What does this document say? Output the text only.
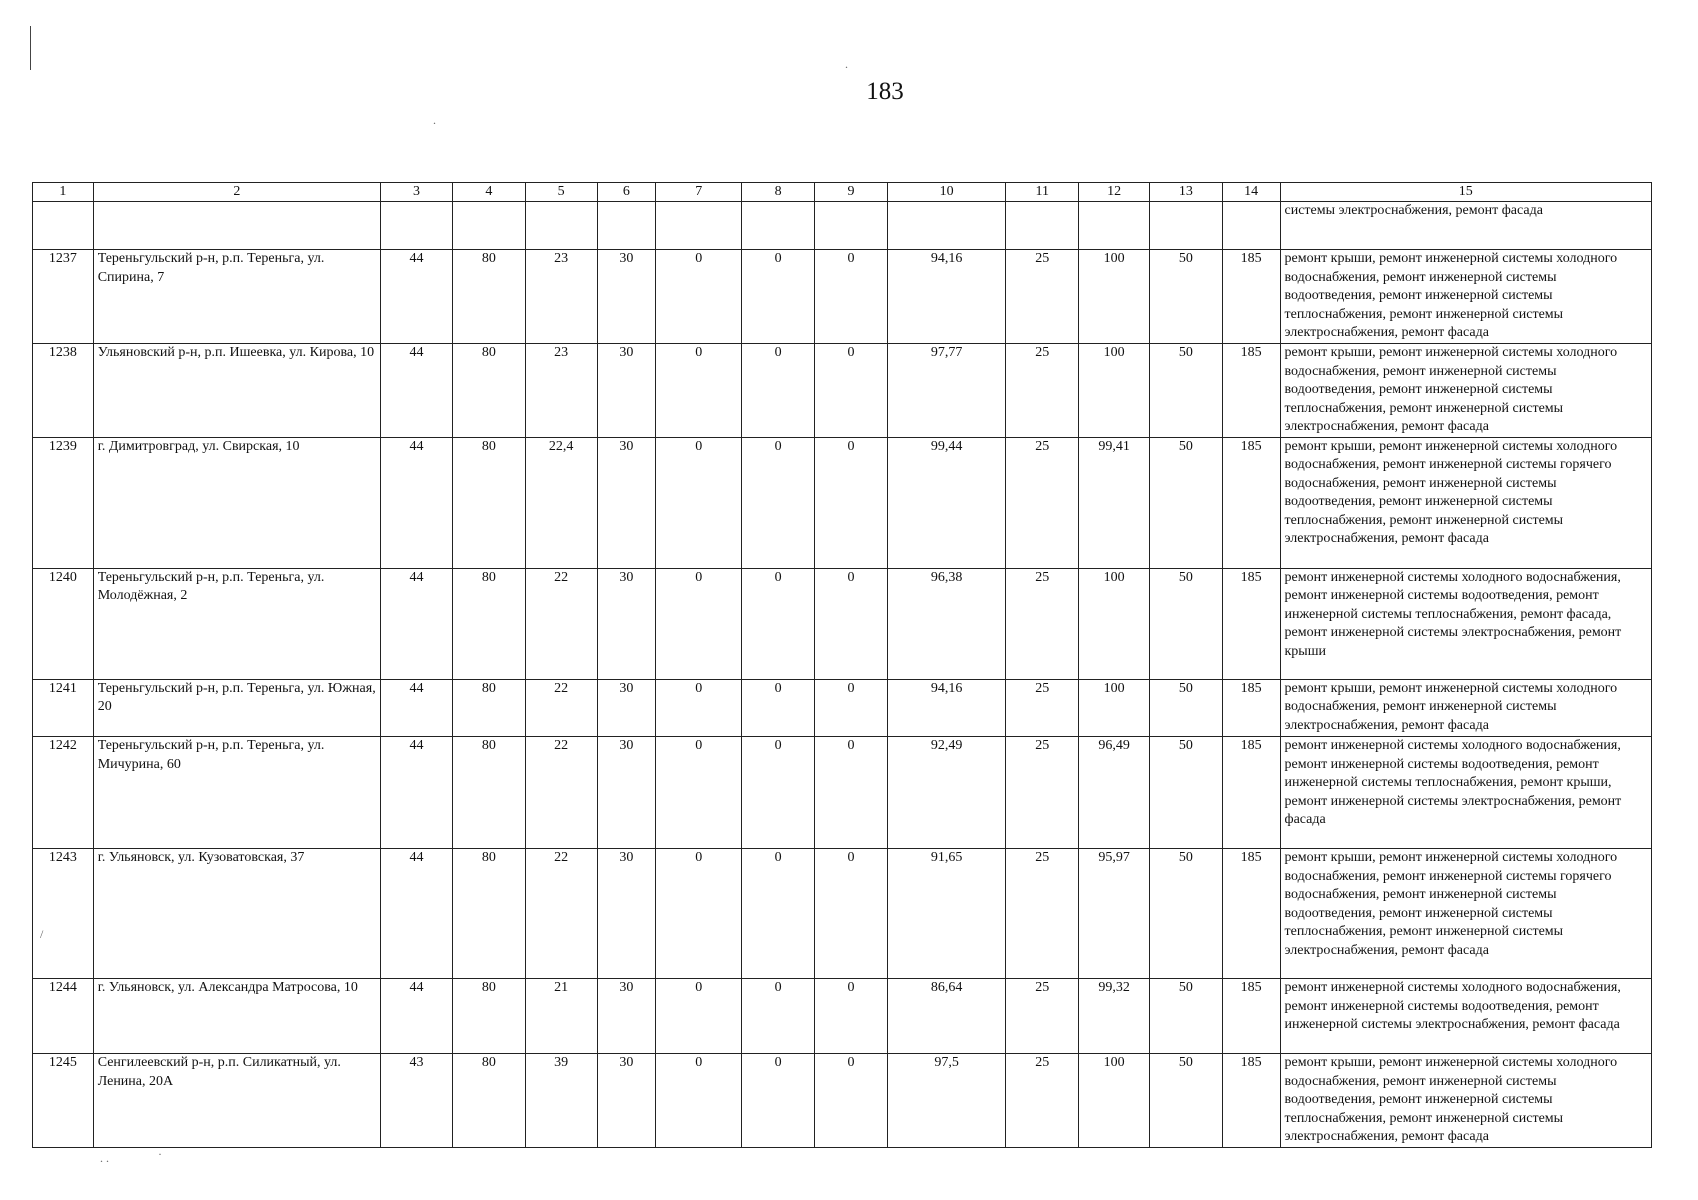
.
.
/
. .	·
183
1	2	3	4	5	6	7	8	9	10	11	12	13	14	15
														системы электроснабжения, ремонт фасада
1237	Тереньгульский р-н, р.п. Тереньга, ул. Спирина, 7	44	80	23	30	0	0	0	94,16	25	100	50	185	ремонт крыши, ремонт инженерной системы холодного водоснабжения, ремонт инженерной системы водоотведения, ремонт инженерной системы теплоснабжения, ремонт инженерной системы электроснабжения, ремонт фасада
1238	Ульяновский р-н, р.п. Ишеевка, ул. Кирова, 10	44	80	23	30	0	0	0	97,77	25	100	50	185	ремонт крыши, ремонт инженерной системы холодного водоснабжения, ремонт инженерной системы водоотведения, ремонт инженерной системы теплоснабжения, ремонт инженерной системы электроснабжения, ремонт фасада
1239	г. Димитровград, ул. Свирская, 10	44	80	22,4	30	0	0	0	99,44	25	99,41	50	185	ремонт крыши, ремонт инженерной системы холодного водоснабжения, ремонт инженерной системы горячего водоснабжения, ремонт инженерной системы водоотведения, ремонт инженерной системы теплоснабжения, ремонт инженерной системы электроснабжения, ремонт фасада
1240	Тереньгульский р-н, р.п. Тереньга, ул. Молодёжная, 2	44	80	22	30	0	0	0	96,38	25	100	50	185	ремонт инженерной системы холодного водоснабжения, ремонт инженерной системы водоотведения, ремонт инженерной системы теплоснабжения, ремонт фасада, ремонт инженерной системы электроснабжения, ремонт крыши
1241	Тереньгульский р-н, р.п. Тереньга, ул. Южная, 20	44	80	22	30	0	0	0	94,16	25	100	50	185	ремонт крыши, ремонт инженерной системы холодного водоснабжения, ремонт инженерной системы электроснабжения, ремонт фасада
1242	Тереньгульский р-н, р.п. Тереньга, ул. Мичурина, 60	44	80	22	30	0	0	0	92,49	25	96,49	50	185	ремонт инженерной системы холодного водоснабжения, ремонт инженерной системы водоотведения, ремонт инженерной системы теплоснабжения, ремонт крыши, ремонт инженерной системы электроснабжения, ремонт фасада
1243	г. Ульяновск, ул. Кузоватовская, 37	44	80	22	30	0	0	0	91,65	25	95,97	50	185	ремонт крыши, ремонт инженерной системы холодного водоснабжения, ремонт инженерной системы горячего водоснабжения, ремонт инженерной системы водоотведения, ремонт инженерной системы теплоснабжения, ремонт инженерной системы электроснабжения, ремонт фасада
1244	г. Ульяновск, ул. Александра Матросова, 10	44	80	21	30	0	0	0	86,64	25	99,32	50	185	ремонт инженерной системы холодного водоснабжения, ремонт инженерной системы водоотведения, ремонт инженерной системы электроснабжения, ремонт фасада
1245	Сенгилеевский р-н, р.п. Силикатный, ул. Ленина, 20А	43	80	39	30	0	0	0	97,5	25	100	50	185	ремонт крыши, ремонт инженерной системы холодного водоснабжения, ремонт инженерной системы водоотведения, ремонт инженерной системы теплоснабжения, ремонт инженерной системы электроснабжения, ремонт фасада
